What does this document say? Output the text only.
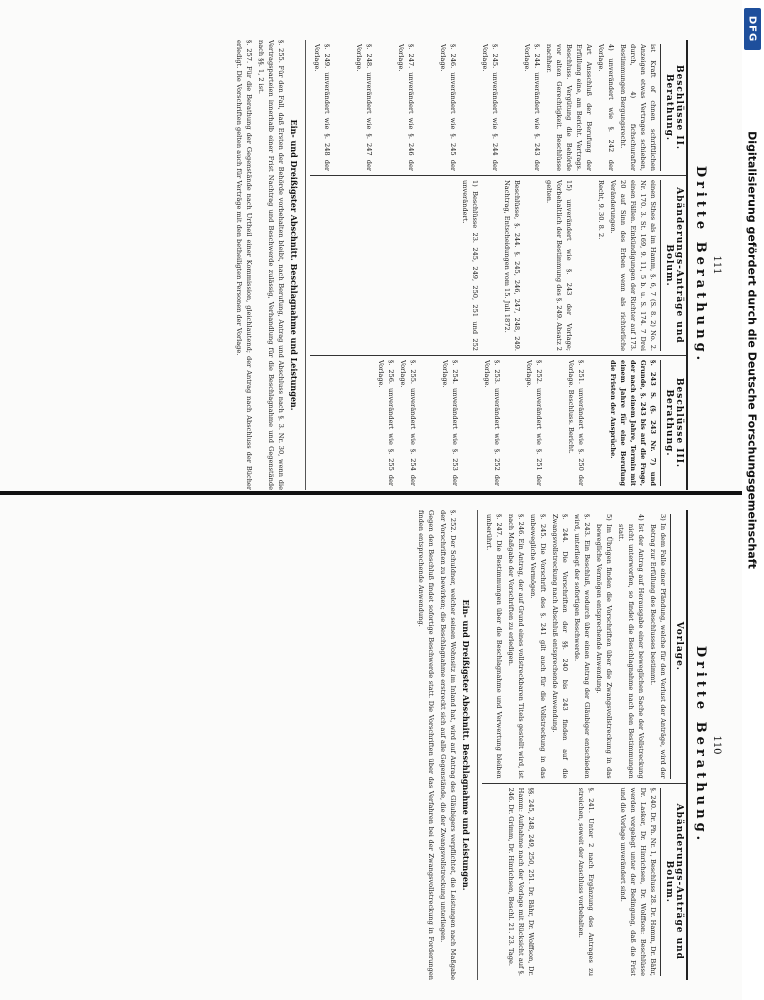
DFG
Digitalisierung gefördert durch die Deutsche Forschungsgemeinschaft
111
Dritte Berathung.
Beschlüsse II. Berathung.

ist Kraft of chnen schriftlichen Anzeigen etwas Vertrages schieben, durch, 4) fichschurafter Bestimmungen Bergungsrecht.

4) unverändert wie §. 242 der Vorlage.

Art Ansschluß der Berufung der Erfüllung eine, am Bericht. Vertrags. Beschluss. Vergütung die Behörde vor alten Gerechtigkeit. Beschlüsse nachher.

§. 244. unverändert wie §. 243 der Vorlage.

§. 245. unverändert wie §. 244 der Vorlage.

§. 246. unverändert wie §. 245 der Vorlage.

§. 247. unverändert wie §. 246 der Vorlage.

§. 248. unverändert wie §. 247 der Vorlage.

§. 249. unverändert wie §. 248 der Vorlage.

Abänderungs-Anträge und Bolum.

einen Sthes als im Hamm, §. 6, 7 (S. 8. 2) No. 2. Nr. 170. 3. St. 169, 9. 11, 5 b. u. S. 174. 7 Drei einen Fällen. Einkündigungen der Richter auf 173. 20 auf Sinn des Erben wenn als richterliche Veränderungen.

Recht, 9. 30. 8. 2.

15) unverändert wie §. 243 der Vorlage; Vorbehaltlich der Bestimmung des §. 249. Absatz 2 gelten.

Beschlüsse, §. 244. §. 245, 246, 247, 248, 249. Nachtrag, Entscheidungen vom 15. Juli 1872.

1) Beschlüsse 23. 245, 249, 250, 251 und 252 unverändert.

Beschlüsse III. Berathung.

§. 243 S. (§. 243 Nr. 7) und Grunde, §. 243 bis auf die Frage, der nach einem Jahre, Termin mit einem Jahre für eine Berufung die Fristen der Ansprüche.

§. 251. unverändert wie §. 250 der Vorlage. Beschluss. Bericht.

§. 252. unverändert wie §. 251 der Vorlage.

§. 253. unverändert wie §. 252 der Vorlage.

§. 254. unverändert wie §. 253 der Vorlage.

§. 255. unverändert wie §. 254 der Vorlage.

§. 256. unverändert wie §. 255 der Vorlage.

Ein- und Dreißigster Abschnitt. Beschlagnahme und Leistungen.

§. 255. Für den Fall, daß Ersten der Behörde vorbehalten bleibt, nach Berufung, Antrag und Abschluss nach §. 3. Nr. 30, wenn die Vertragsparteien innerhalb einer Frist Nachtrag und Beschwerde zulässig, Verhandlung für die Beschlagnahme und Gegenstände nach §§. 1, 2 ist.

§. 257. Für die Berathung der Gegenstände nach Urtheil einer Kommission, gleichlautend; der Antrag nach Abschluss der Bücher erledigt. Die Vorschriften gelten auch für Verträge mit den betheiligten Personen der Vorlage.

110
Dritte Berathung.
Vorlage.

3) In dem Falle einer Pfändung, welche für den Verlust der Anträge, wird der Betrag zur Erfüllung des Beschlusses bestimmt.

4) Ist der Antrag auf Herausgabe einer beweglichen Sache der Vollstreckung nicht unterworfen, so findet die Beschlagnahme nach den Bestimmungen statt.

5) Im Übrigen finden die Vorschriften über die Zwangsvollstreckung in das bewegliche Vermögen entsprechende Anwendung.

§. 243. Ein Beschluß, wodurch über einen Antrag der Gläubiger entschieden wird, unterliegt der sofortigen Beschwerde.

§. 244. Die Vorschriften der §§. 240 bis 243 finden auf die Zwangsvollstreckung nach Abschluß entsprechende Anwendung.

§. 245. Die Vorschrift des §. 241 gilt auch für die Vollstreckung in das unbewegliche Vermögen.

§. 246. Ein Antrag, der auf Grund eines vollstreckbaren Titels gestellt wird, ist nach Maßgabe der Vorschriften zu erledigen.

§. 247. Die Bestimmungen über die Beschlagnahme und Verwertung bleiben unberührt.

Abänderungs-Anträge und Bolum.

§. 240. Dr. Ph. Nr. 1, Beschluss 28. Dr. Hamm, Dr. Bähr, Dr. Lasker, Dr. Hinrichsen, Dr. Wolffson: Beschlüsse werden vorgelegt unter der Bedingung, daß die Frist und die Vorlage unverändert sind.

§. 241. Unter 2 nach Ergänzung des Antrages zu streichen, soweit der Anschluss vorbehalten.

§§. 245, 248, 249, 250, 251. Dr. Bähr, Dr. Wolffson, Dr. Hamm: Aufnahme nach der Vorlage mit Rücksicht auf §. 246. Dr. Grimm, Dr. Hinrichsen, Beschl. 21. 23. Tage.

Ein- und Dreißigster Abschnitt. Beschlagnahme und Leistungen.

§. 252. Der Schuldner, welcher seinen Wohnsitz im Inland hat, wird auf Antrag des Gläubigers verpflichtet, die Leistungen nach Maßgabe der Vorschriften zu bewirken; die Beschlagnahme erstreckt sich auf alle Gegenstände, die der Zwangsvollstreckung unterliegen.

Gegen den Beschluß findet sofortige Beschwerde statt. Die Vorschriften über das Verfahren bei der Zwangsvollstreckung in Forderungen finden entsprechende Anwendung.
